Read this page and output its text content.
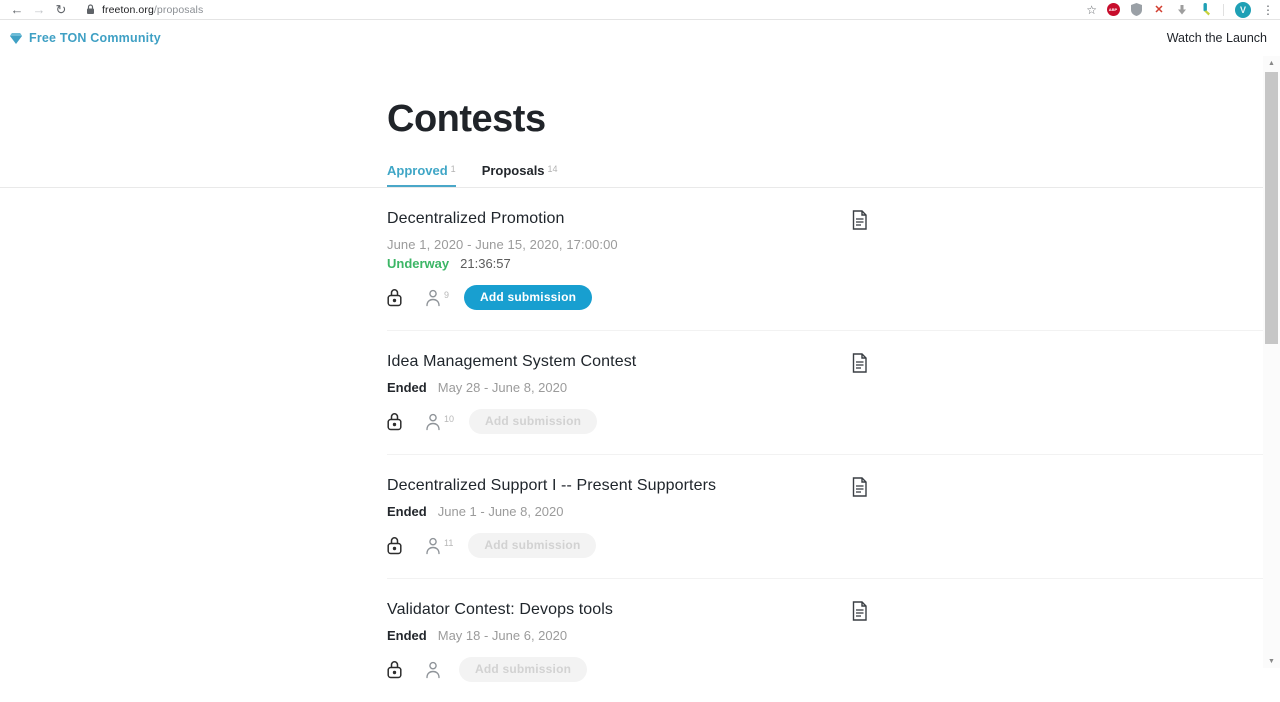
← → ↻	freeton.org/proposals	☆	ABP	✕	V	⋮
Free TON Community	Watch the Launch
Contests
Approved 1 Proposals 14
Decentralized Promotion
June 1, 2020 - June 15, 2020, 17:00:00
Underway 21:36:57
9	Add submission
Idea Management System Contest
Ended May 28 - June 8, 2020
10	Add submission
Decentralized Support I -- Present Supporters
Ended June 1 - June 8, 2020
11	Add submission
Validator Contest: Devops tools
Ended May 18 - June 6, 2020
Add submission
▲
▼
